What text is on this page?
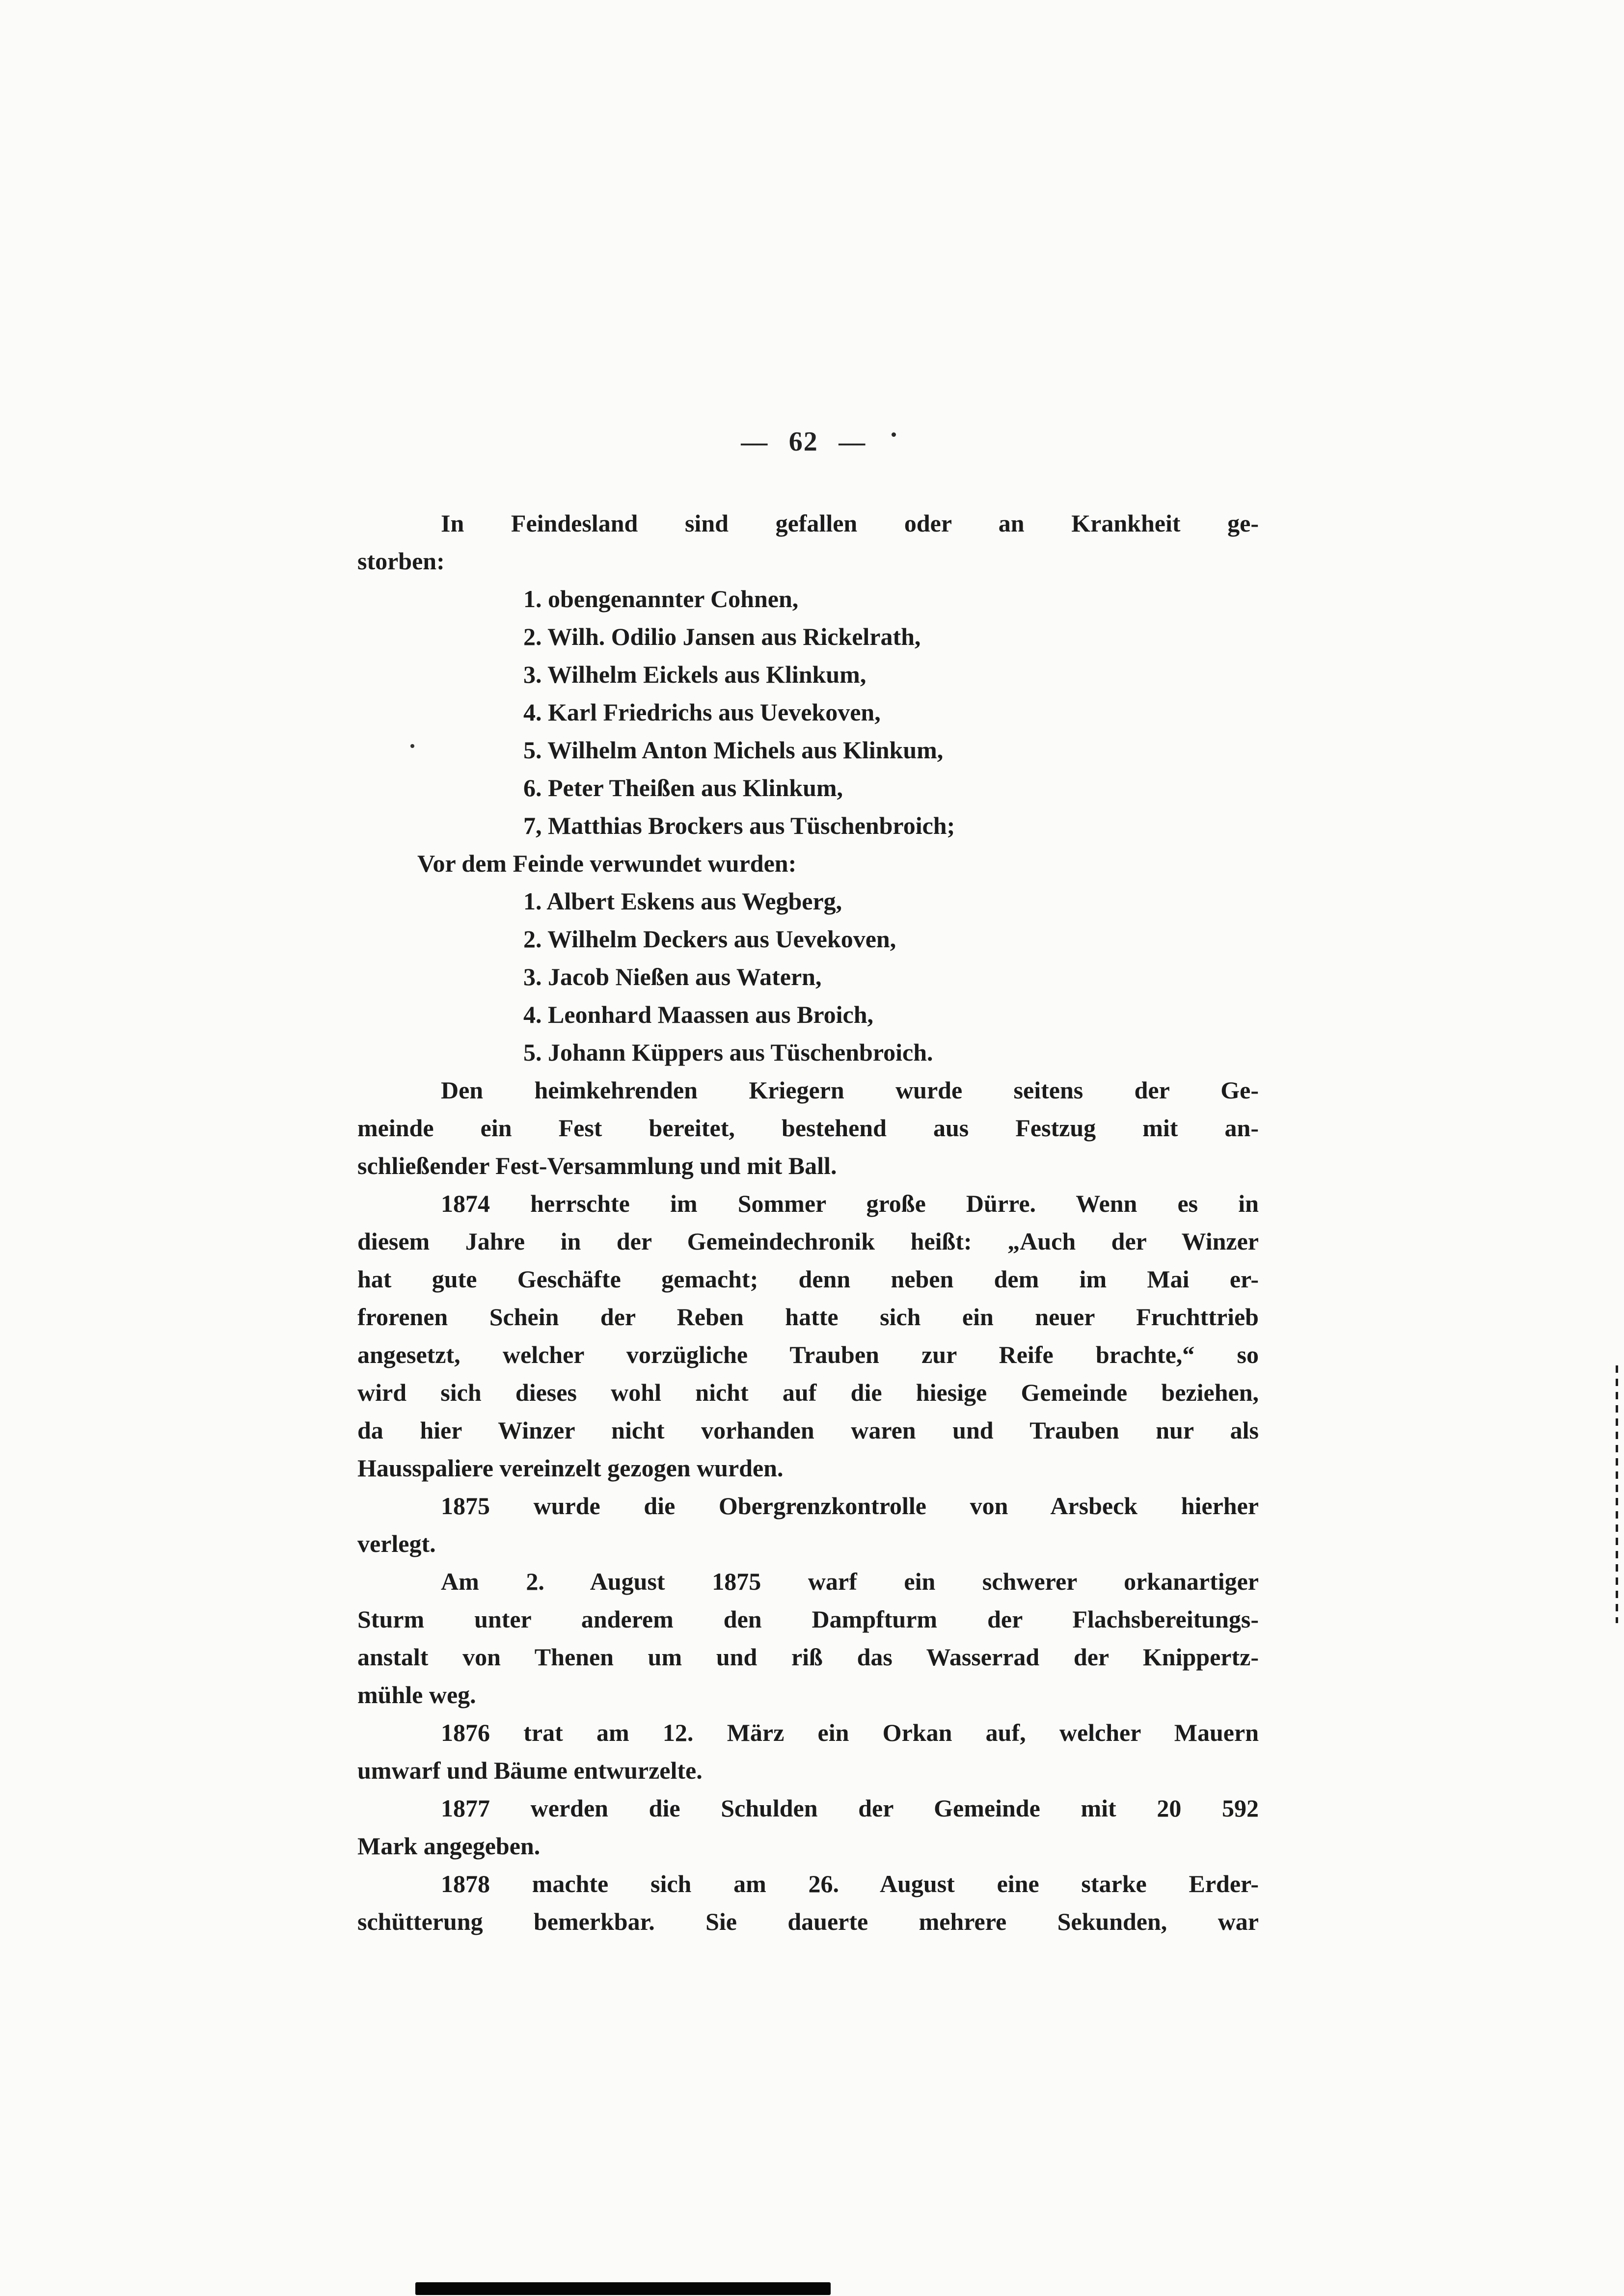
— 62 —
In Feindesland sind gefallen oder an Krankheit ge-
storben:
1. obengenannter Cohnen,
2. Wilh. Odilio Jansen aus Rickelrath,
3. Wilhelm Eickels aus Klinkum,
4. Karl Friedrichs aus Uevekoven,
5. Wilhelm Anton Michels aus Klinkum,
6. Peter Theißen aus Klinkum,
7, Matthias Brockers aus Tüschenbroich;
Vor dem Feinde verwundet wurden:
1. Albert Eskens aus Wegberg,
2. Wilhelm Deckers aus Uevekoven,
3. Jacob Nießen aus Watern,
4. Leonhard Maassen aus Broich,
5. Johann Küppers aus Tüschenbroich.
Den heimkehrenden Kriegern wurde seitens der Ge-
meinde ein Fest bereitet, bestehend aus Festzug mit an-
schließender Fest-Versammlung und mit Ball.
1874 herrschte im Sommer große Dürre. Wenn es in
diesem Jahre in der Gemeindechronik heißt: „Auch der Winzer
hat gute Geschäfte gemacht; denn neben dem im Mai er-
frorenen Schein der Reben hatte sich ein neuer Fruchttrieb
angesetzt, welcher vorzügliche Trauben zur Reife brachte,“ so
wird sich dieses wohl nicht auf die hiesige Gemeinde beziehen,
da hier Winzer nicht vorhanden waren und Trauben nur als
Hausspaliere vereinzelt gezogen wurden.
1875 wurde die Obergrenzkontrolle von Arsbeck hierher
verlegt.
Am 2. August 1875 warf ein schwerer orkanartiger
Sturm unter anderem den Dampfturm der Flachsbereitungs-
anstalt von Thenen um und riß das Wasserrad der Knippertz-
mühle weg.
1876 trat am 12. März ein Orkan auf, welcher Mauern
umwarf und Bäume entwurzelte.
1877 werden die Schulden der Gemeinde mit 20 592
Mark angegeben.
1878 machte sich am 26. August eine starke Erder-
schütterung bemerkbar. Sie dauerte mehrere Sekunden, war
